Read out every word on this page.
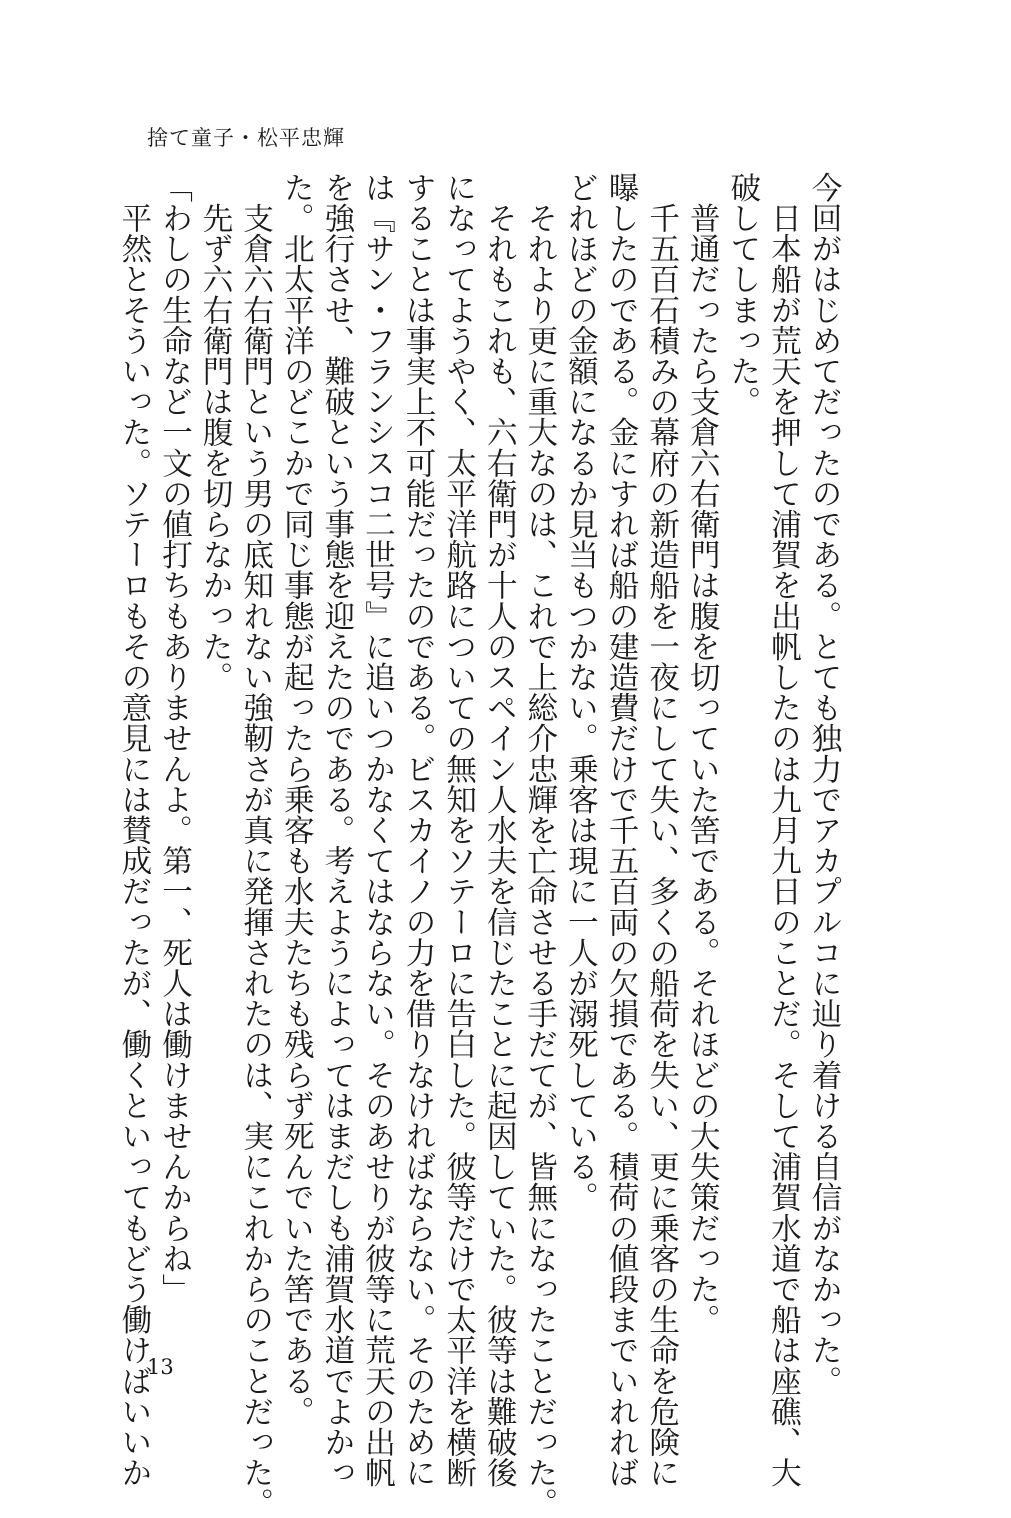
捨て童子・松平忠輝
今回がはじめてだったのである。とても独力でアカプルコに辿り着ける自信がなかった。
　日本船が荒天を押して浦賀を出帆したのは九月九日のことだ。そして浦賀水道で船は座礁、大
破してしまった。
　普通だったら支倉六右衛門は腹を切っていた筈である。それほどの大失策だった。
　千五百石積みの幕府の新造船を一夜にして失い、多くの船荷を失い、更に乗客の生命を危険に
曝したのである。金にすれば船の建造費だけで千五百両の欠損である。積荷の値段までいれれば
どれほどの金額になるか見当もつかない。乗客は現に一人が溺死している。
　それより更に重大なのは、これで上総介忠輝を亡命させる手だてが、皆無になったことだった。
　それもこれも、六右衛門が十人のスペイン人水夫を信じたことに起因していた。彼等は難破後
になってようやく、太平洋航路についての無知をソテーロに告白した。彼等だけで太平洋を横断
することは事実上不可能だったのである。ビスカイノの力を借りなければならない。そのために
は『サン・フランシスコ二世号』に追いつかなくてはならない。そのあせりが彼等に荒天の出帆
を強行させ、難破という事態を迎えたのである。考えようによってはまだしも浦賀水道でよかっ
た。北太平洋のどこかで同じ事態が起ったら乗客も水夫たちも残らず死んでいた筈である。
　支倉六右衛門という男の底知れない強靭さが真に発揮されたのは、実にこれからのことだった。
　先ず六右衛門は腹を切らなかった。
「わしの生命など一文の値打ちもありませんよ。第一、死人は働けませんからね」
　平然とそういった。ソテーロもその意見には賛成だったが、働くといってもどう働けばいいか
13
